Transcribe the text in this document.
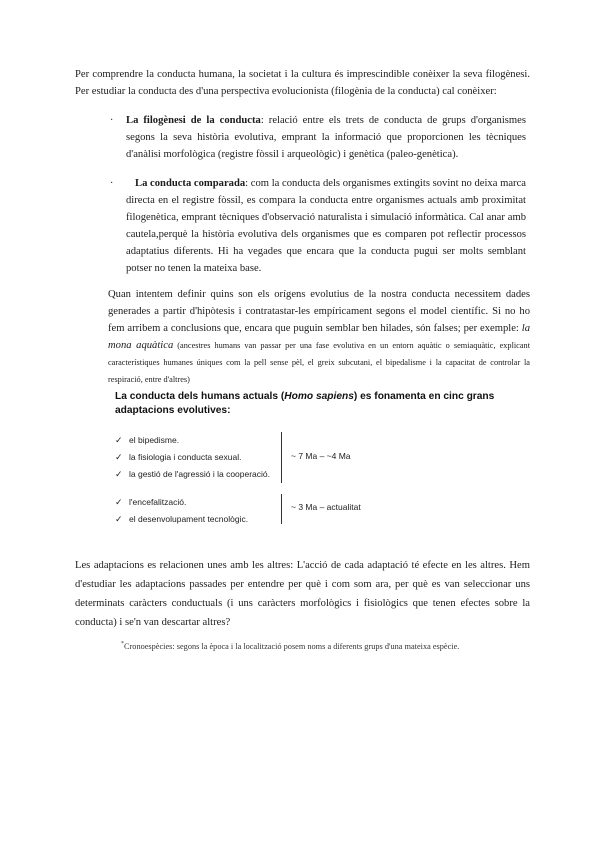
Per comprendre la conducta humana, la societat i la cultura és imprescindible conèixer la seva filogènesi. Per estudiar la conducta des d'una perspectiva evolucionista (filogènia de la conducta) cal conèixer:

· La filogènesi de la conducta: relació entre els trets de conducta de grups d'organismes segons la seva història evolutiva, emprant la informació que proporcionen les tècniques d'anàlisi morfològica (registre fòssil i arqueològic) i genètica (paleo-genètica).

·	La conducta comparada: com la conducta dels organismes extingits sovint no deixa marca directa en el registre fòssil, es compara la conducta entre organismes actuals amb proximitat filogenètica, emprant tècniques d'observació naturalista i simulació informàtica. Cal anar amb cautela,perquè la història evolutiva dels organismes que es comparen pot reflectir processos adaptatius diferents. Hi ha vegades que encara que la conducta pugui ser molts semblant potser no tenen la mateixa base.

Quan intentem definir quins son els orígens evolutius de la nostra conducta necessitem dades generades a partir d'hipòtesis i contratastar-les empíricament segons el model científic. Si no ho fem arribem a conclusions que, encara que puguin semblar ben hilades, són falses; per exemple: la mona aquàtica (ancestres humans van passar per una fase evolutiva en un entorn aquàtic o semiaquàtic, explicant característiques humanes úniques com la pell sense pèl, el greix subcutani, el bipedalisme i la capacitat de controlar la respiració, entre d'altres)

La conducta dels humans actuals (Homo sapiens) es fonamenta en cinc grans adaptacions evolutives:

✓ el bipedisme.
✓ la fisiologia i conducta sexual.
✓ la gestió de l'agressió i la cooperació.
~ 7 Ma – ~4 Ma
✓ l'encefalització.
✓ el desenvolupament tecnològic.
~ 3 Ma – actualitat

Les adaptacions es relacionen unes amb les altres: L'acció de cada adaptació té efecte en les altres. Hem d'estudiar les adaptacions passades per entendre per què i com som ara, per què es van seleccionar uns determinats caràcters conductuals (i uns caràcters morfològics i fisiològics que tenen efectes sobre la conducta) i se'n van descartar altres?

*Cronoespècies: segons la època i la localització posem noms a diferents grups d'una mateixa espècie.
